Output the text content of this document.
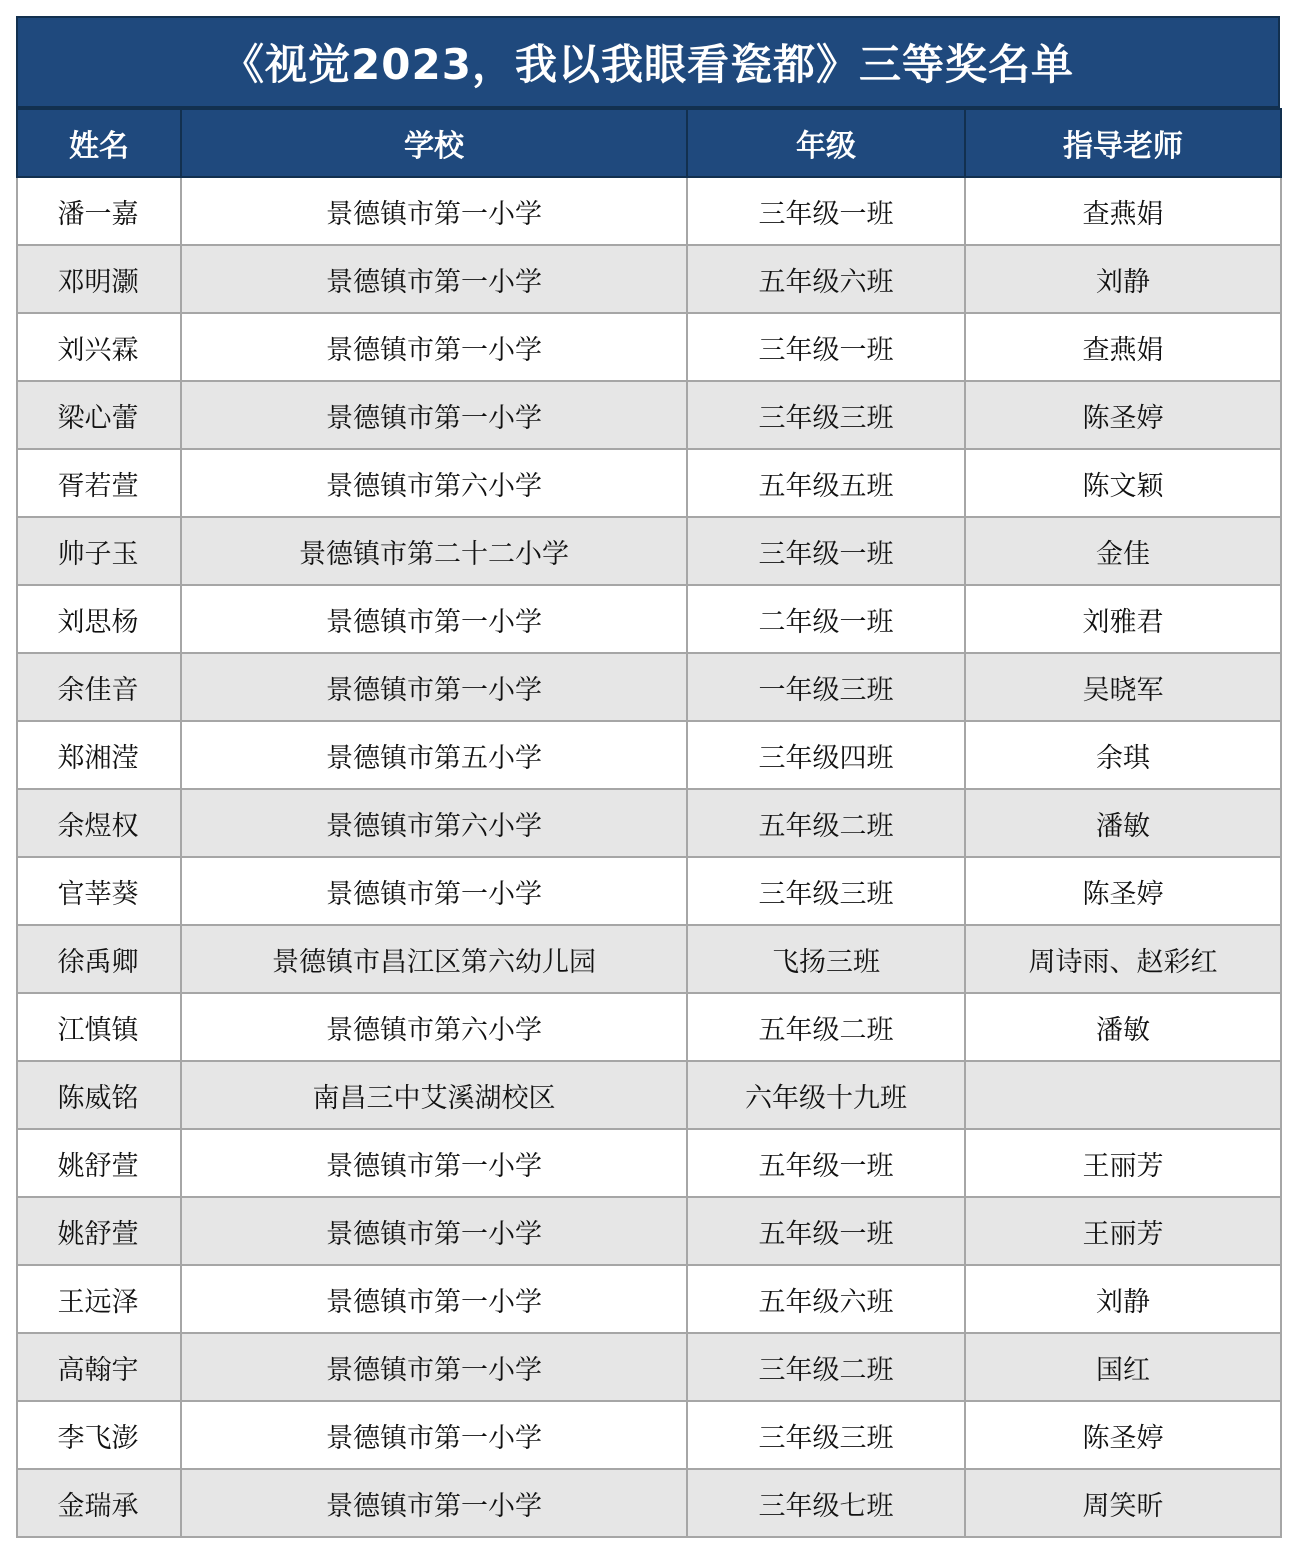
《视觉2023，我以我眼看瓷都》三等奖名单
姓名	学校	年级	指导老师
潘一嘉	景德镇市第一小学	三年级一班	查燕娟
邓明灏	景德镇市第一小学	五年级六班	刘静
刘兴霖	景德镇市第一小学	三年级一班	查燕娟
梁心蕾	景德镇市第一小学	三年级三班	陈圣婷
胥若萱	景德镇市第六小学	五年级五班	陈文颖
帅子玉	景德镇市第二十二小学	三年级一班	金佳
刘思杨	景德镇市第一小学	二年级一班	刘雅君
余佳音	景德镇市第一小学	一年级三班	吴晓军
郑湘滢	景德镇市第五小学	三年级四班	余琪
余煜权	景德镇市第六小学	五年级二班	潘敏
官莘葵	景德镇市第一小学	三年级三班	陈圣婷
徐禹卿	景德镇市昌江区第六幼儿园	飞扬三班	周诗雨、赵彩红
江慎镇	景德镇市第六小学	五年级二班	潘敏
陈威铭	南昌三中艾溪湖校区	六年级十九班	
姚舒萱	景德镇市第一小学	五年级一班	王丽芳
姚舒萱	景德镇市第一小学	五年级一班	王丽芳
王远泽	景德镇市第一小学	五年级六班	刘静
高翰宇	景德镇市第一小学	三年级二班	国红
李飞澎	景德镇市第一小学	三年级三班	陈圣婷
金瑞承	景德镇市第一小学	三年级七班	周笑昕
